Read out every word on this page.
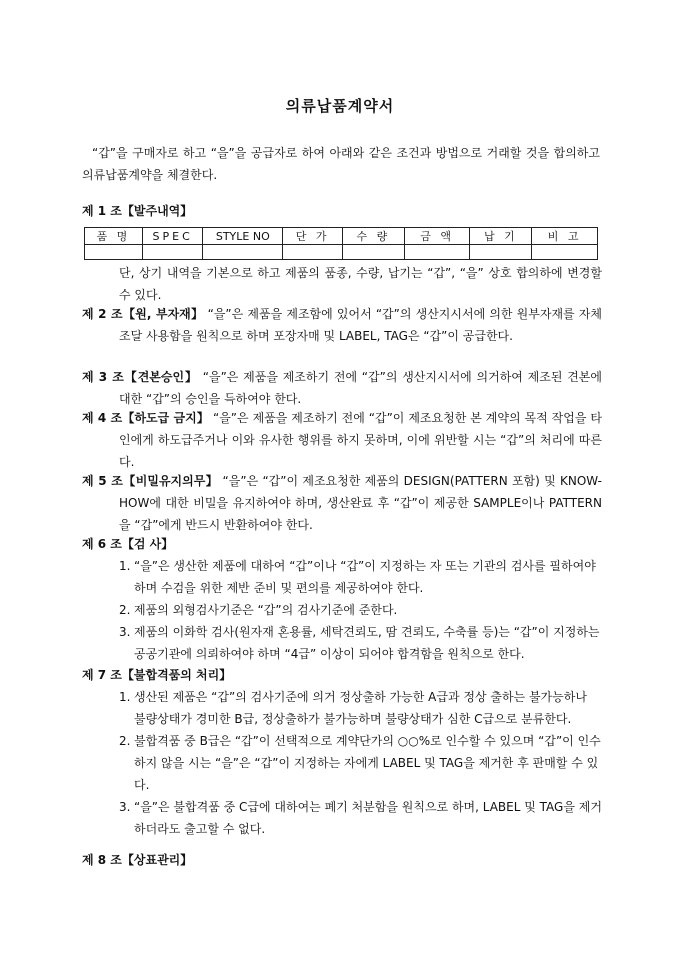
의류납품계약서
“갑”을 구매자로 하고 “을”을 공급자로 하여 아래와 같은 조건과 방법으로 거래할 것을 합의하고 의류납품계약을 체결한다.
제 1 조【발주내역】
품 명	SPEC	STYLE NO	단 가	수 량	금 액	납 기	비 고

단, 상기 내역을 기본으로 하고 제품의 품종, 수량, 납기는 “갑”, “을” 상호 합의하에 변경할 수 있다.
제 2 조【원, 부자재】 “을”은 제품을 제조함에 있어서 “갑”의 생산지시서에 의한 원부자재를 자체 조달 사용함을 원칙으로 하며 포장자매 및 LABEL, TAG은 “갑”이 공급한다.
제 3 조【견본승인】 “을”은 제품을 제조하기 전에 “갑”의 생산지시서에 의거하여 제조된 견본에 대한 “갑”의 승인을 득하여야 한다.
제 4 조【하도급 금지】 “을”은 제품을 제조하기 전에 “갑”이 제조요청한 본 계약의 목적 작업을 타인에게 하도급주거나 이와 유사한 행위를 하지 못하며, 이에 위반할 시는 “갑”의 처리에 따른다.
제 5 조【비밀유지의무】 “을”은 “갑”이 제조요청한 제품의 DESIGN(PATTERN 포함) 및 KNOW-HOW에 대한 비밀을 유지하여야 하며, 생산완료 후 “갑”이 제공한 SAMPLE이나 PATTERN을 “갑”에게 반드시 반환하여야 한다.
제 6 조【검 사】
1. “을”은 생산한 제품에 대하여 “갑”이나 “갑”이 지정하는 자 또는 기관의 검사를 필하여야 하며 수검을 위한 제반 준비 및 편의를 제공하여야 한다.
2. 제품의 외형검사기준은 “갑”의 검사기준에 준한다.
3. 제품의 이화학 검사(원자재 혼용률, 세탁견뢰도, 땀 견뢰도, 수축률 등)는 “갑”이 지정하는 공공기관에 의뢰하여야 하며 “4급” 이상이 되어야 합격함을 원칙으로 한다.
제 7 조【불합격품의 처리】
1. 생산된 제품은 “갑”의 검사기준에 의거 정상출하 가능한 A급과 정상 출하는 불가능하나 불량상태가 경미한 B급, 정상출하가 불가능하며 불량상태가 심한 C급으로 분류한다.
2. 불합격품 중 B급은 “갑”이 선택적으로 계약단가의 ○○%로 인수할 수 있으며 “갑”이 인수하지 않을 시는 “을”은 “갑”이 지정하는 자에게 LABEL 및 TAG을 제거한 후 판매할 수 있다.
3. “을”은 불합격품 중 C급에 대하여는 폐기 처분함을 원칙으로 하며, LABEL 및 TAG을 제거하더라도 출고할 수 없다.
제 8 조【상표관리】
